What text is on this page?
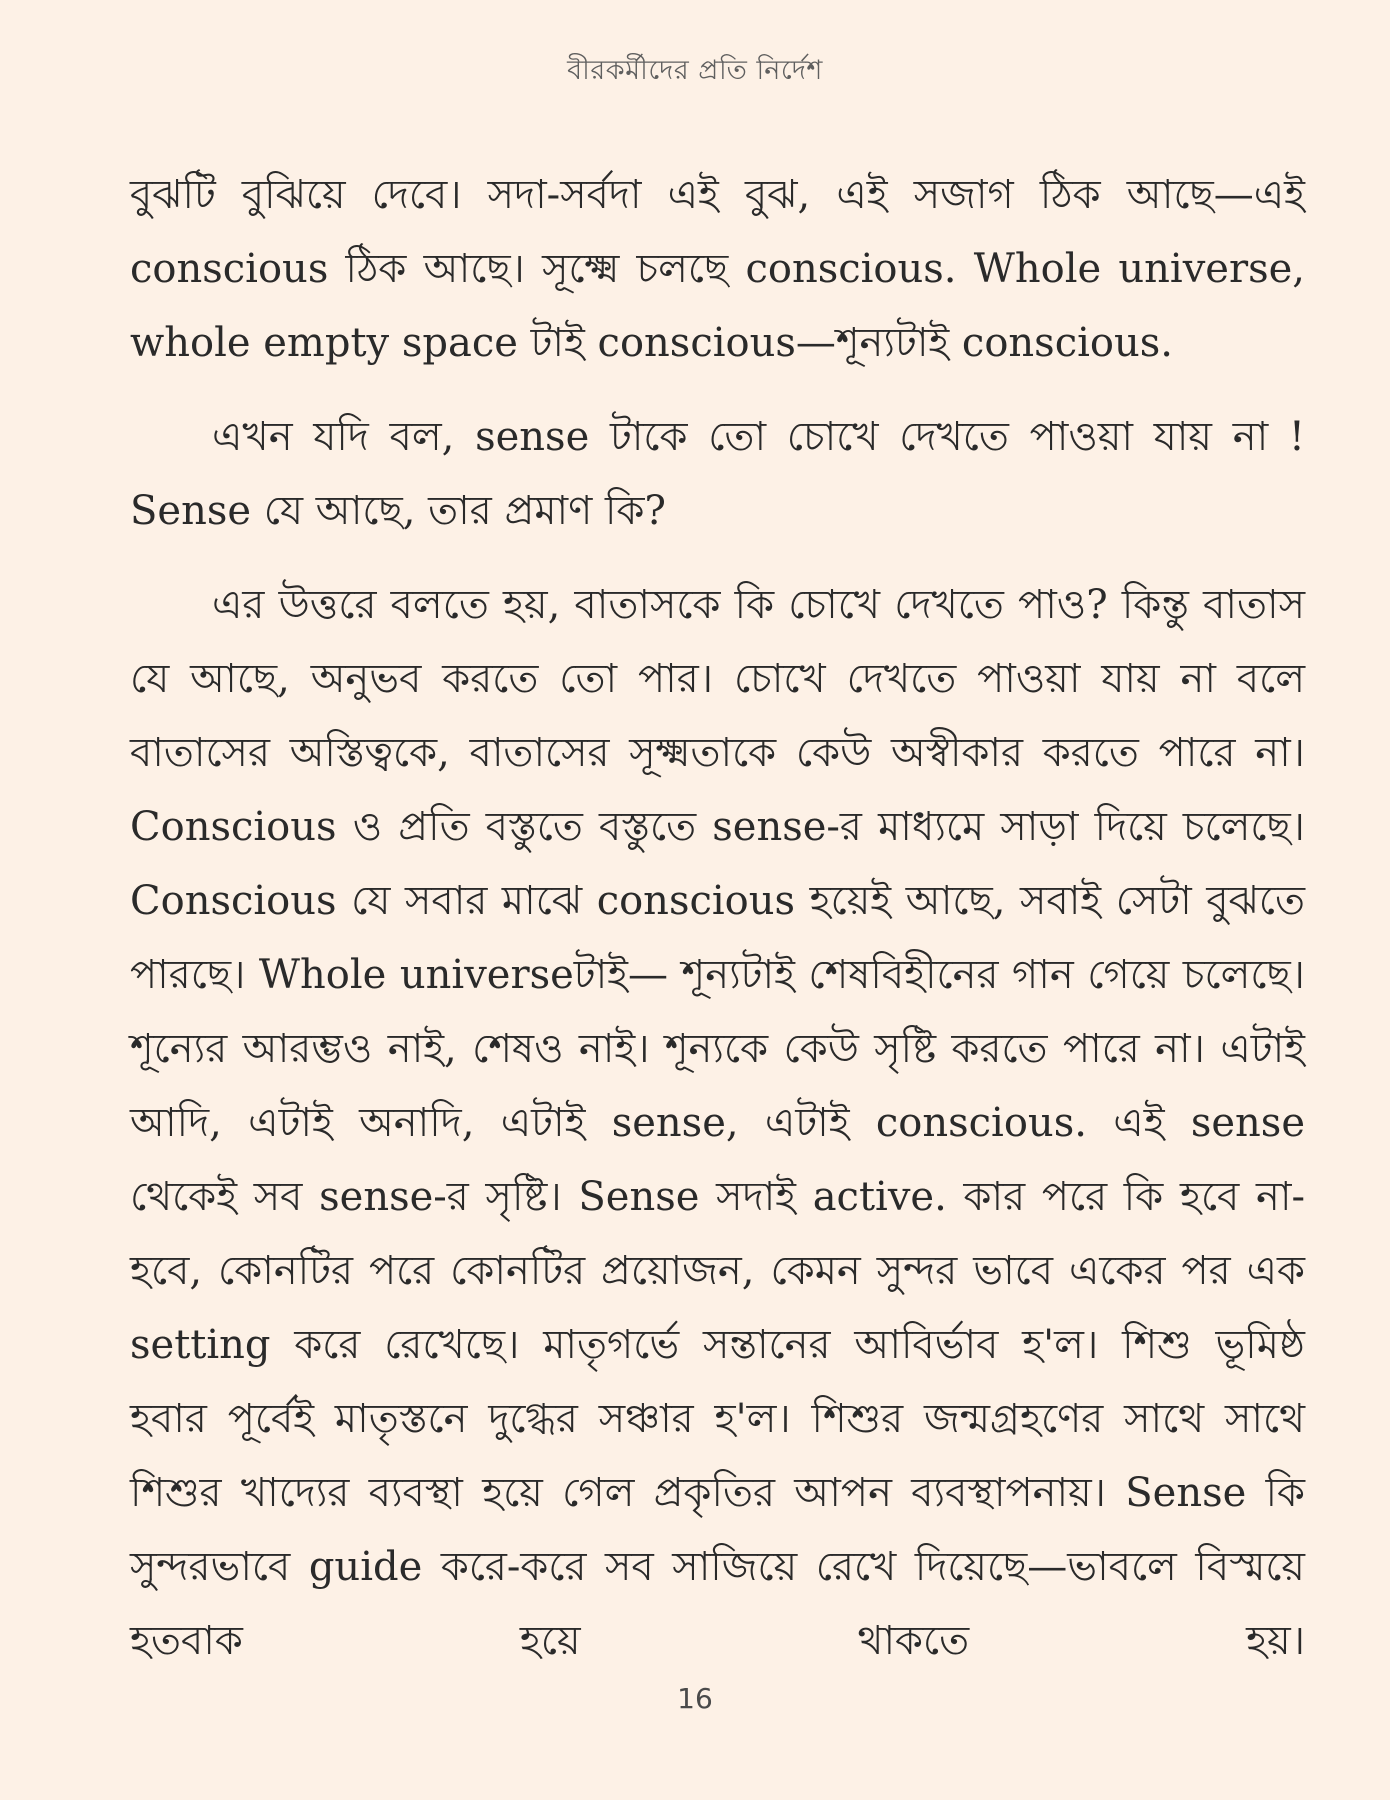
বীরকর্মীদের প্রতি নির্দেশ

বুঝটি বুঝিয়ে দেবে। সদা-সর্বদা এই বুঝ, এই সজাগ ঠিক আছে—এই conscious ঠিক আছে। সূক্ষ্মে চলছে conscious. Whole universe, whole empty space টাই conscious—শূন্যটাই conscious.

এখন যদি বল, sense টাকে তো চোখে দেখতে পাওয়া যায় না ! Sense যে আছে, তার প্রমাণ কি?

এর উত্তরে বলতে হয়, বাতাসকে কি চোখে দেখতে পাও? কিন্তু বাতাস যে আছে, অনুভব করতে তো পার। চোখে দেখতে পাওয়া যায় না বলে বাতাসের অস্তিত্বকে, বাতাসের সূক্ষ্মতাকে কেউ অস্বীকার করতে পারে না। Conscious ও প্রতি বস্তুতে বস্তুতে sense-র মাধ্যমে সাড়া দিয়ে চলেছে। Conscious যে সবার মাঝে conscious হয়েই আছে, সবাই সেটা বুঝতে পারছে। Whole universeটাই— শূন্যটাই শেষবিহীনের গান গেয়ে চলেছে। শূন্যের আরম্ভও নাই, শেষও নাই। শূন্যকে কেউ সৃষ্টি করতে পারে না। এটাই আদি, এটাই অনাদি, এটাই sense, এটাই conscious. এই sense থেকেই সব sense-র সৃষ্টি। Sense সদাই active. কার পরে কি হবে না-হবে, কোনটির পরে কোনটির প্রয়োজন, কেমন সুন্দর ভাবে একের পর এক setting করে রেখেছে। মাতৃগর্ভে সন্তানের আবির্ভাব হ'ল। শিশু ভূমিষ্ঠ হবার পূর্বেই মাতৃস্তনে দুগ্ধের সঞ্চার হ'ল। শিশুর জন্মগ্রহণের সাথে সাথে শিশুর খাদ্যের ব্যবস্থা হয়ে গেল প্রকৃতির আপন ব্যবস্থাপনায়। Sense কি সুন্দরভাবে guide করে-করে সব সাজিয়ে রেখে দিয়েছে—ভাবলে বিস্ময়ে হতবাক হয়ে থাকতে হয়।

16
